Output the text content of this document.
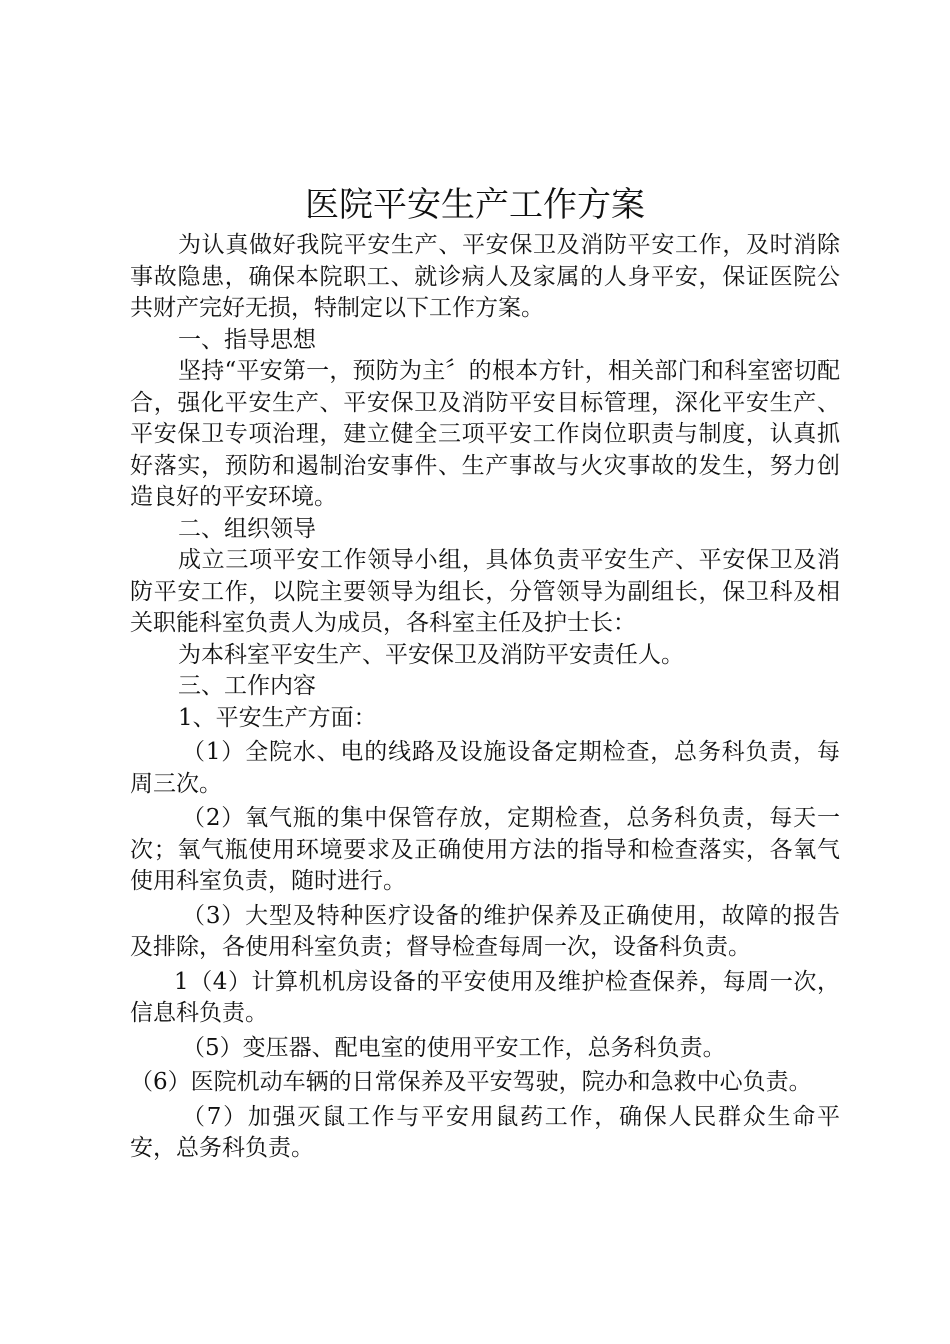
医院平安生产工作方案

为认真做好我院平安生产、平安保卫及消防平安工作，及时消除事故隐患，确保本院职工、就诊病人及家属的人身平安，保证医院公共财产完好无损，特制定以下工作方案。

一、指导思想

坚持“平安第一，预防为主〞的根本方针，相关部门和科室密切配合，强化平安生产、平安保卫及消防平安目标管理，深化平安生产、平安保卫专项治理，建立健全三项平安工作岗位职责与制度，认真抓好落实，预防和遏制治安事件、生产事故与火灾事故的发生，努力创造良好的平安环境。

二、组织领导

成立三项平安工作领导小组，具体负责平安生产、平安保卫及消防平安工作，以院主要领导为组长，分管领导为副组长，保卫科及相关职能科室负责人为成员，各科室主任及护士长：

为本科室平安生产、平安保卫及消防平安责任人。

三、工作内容

1、平安生产方面：

（1）全院水、电的线路及设施设备定期检查，总务科负责，每周三次。

（2）氧气瓶的集中保管存放，定期检查，总务科负责，每天一次；氧气瓶使用环境要求及正确使用方法的指导和检查落实，各氧气使用科室负责，随时进行。

（3）大型及特种医疗设备的维护保养及正确使用，故障的报告及排除，各使用科室负责；督导检查每周一次，设备科负责。

1（4）计算机机房设备的平安使用及维护检查保养，每周一次，信息科负责。

（5）变压器、配电室的使用平安工作，总务科负责。

（6）医院机动车辆的日常保养及平安驾驶，院办和急救中心负责。

（7）加强灭鼠工作与平安用鼠药工作，确保人民群众生命平安，总务科负责。
